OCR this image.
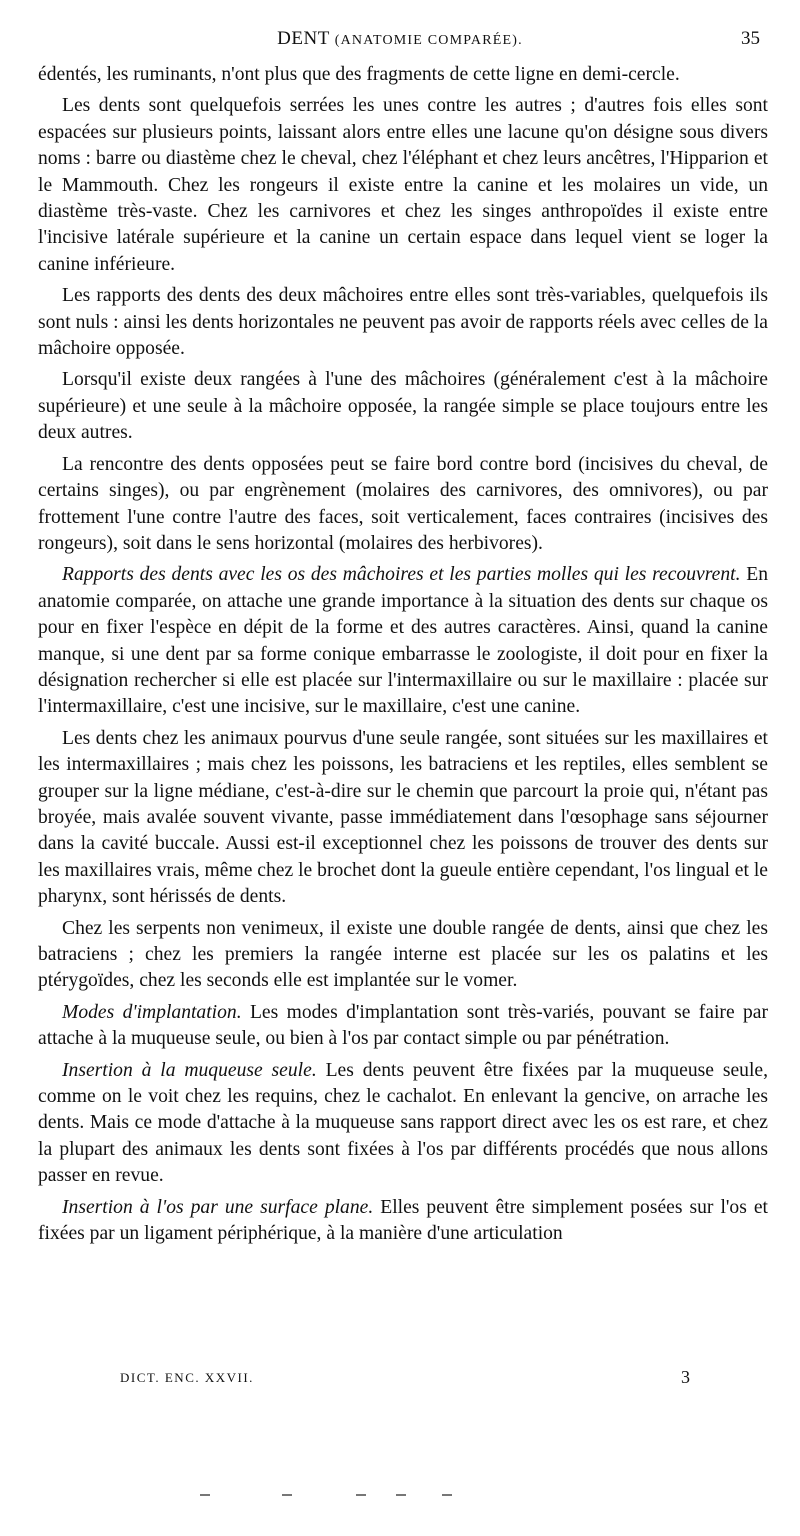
DENT (ANATOMIE COMPARÉE).	35

édentés, les ruminants, n'ont plus que des fragments de cette ligne en demi-cercle.

Les dents sont quelquefois serrées les unes contre les autres ; d'autres fois elles sont espacées sur plusieurs points, laissant alors entre elles une lacune qu'on désigne sous divers noms : barre ou diastème chez le cheval, chez l'éléphant et chez leurs ancêtres, l'Hipparion et le Mammouth. Chez les rongeurs il existe entre la canine et les molaires un vide, un diastème très-vaste. Chez les carnivores et chez les singes anthropoïdes il existe entre l'incisive latérale supérieure et la canine un certain espace dans lequel vient se loger la canine inférieure.

Les rapports des dents des deux mâchoires entre elles sont très-variables, quelquefois ils sont nuls : ainsi les dents horizontales ne peuvent pas avoir de rapports réels avec celles de la mâchoire opposée.

Lorsqu'il existe deux rangées à l'une des mâchoires (généralement c'est à la mâchoire supérieure) et une seule à la mâchoire opposée, la rangée simple se place toujours entre les deux autres.

La rencontre des dents opposées peut se faire bord contre bord (incisives du cheval, de certains singes), ou par engrènement (molaires des carnivores, des omnivores), ou par frottement l'une contre l'autre des faces, soit verticalement, faces contraires (incisives des rongeurs), soit dans le sens horizontal (molaires des herbivores).

Rapports des dents avec les os des mâchoires et les parties molles qui les recouvrent. En anatomie comparée, on attache une grande importance à la situation des dents sur chaque os pour en fixer l'espèce en dépit de la forme et des autres caractères. Ainsi, quand la canine manque, si une dent par sa forme conique embarrasse le zoologiste, il doit pour en fixer la désignation rechercher si elle est placée sur l'intermaxillaire ou sur le maxillaire : placée sur l'intermaxillaire, c'est une incisive, sur le maxillaire, c'est une canine.

Les dents chez les animaux pourvus d'une seule rangée, sont situées sur les maxillaires et les intermaxillaires ; mais chez les poissons, les batraciens et les reptiles, elles semblent se grouper sur la ligne médiane, c'est-à-dire sur le chemin que parcourt la proie qui, n'étant pas broyée, mais avalée souvent vivante, passe immédiatement dans l'œsophage sans séjourner dans la cavité buccale. Aussi est-il exceptionnel chez les poissons de trouver des dents sur les maxillaires vrais, même chez le brochet dont la gueule entière cependant, l'os lingual et le pharynx, sont hérissés de dents.

Chez les serpents non venimeux, il existe une double rangée de dents, ainsi que chez les batraciens ; chez les premiers la rangée interne est placée sur les os palatins et les ptérygoïdes, chez les seconds elle est implantée sur le vomer.

Modes d'implantation. Les modes d'implantation sont très-variés, pouvant se faire par attache à la muqueuse seule, ou bien à l'os par contact simple ou par pénétration.

Insertion à la muqueuse seule. Les dents peuvent être fixées par la muqueuse seule, comme on le voit chez les requins, chez le cachalot. En enlevant la gencive, on arrache les dents. Mais ce mode d'attache à la muqueuse sans rapport direct avec les os est rare, et chez la plupart des animaux les dents sont fixées à l'os par différents procédés que nous allons passer en revue.

Insertion à l'os par une surface plane. Elles peuvent être simplement posées sur l'os et fixées par un ligament périphérique, à la manière d'une articulation

DICT. ENC. XXVII.	3
